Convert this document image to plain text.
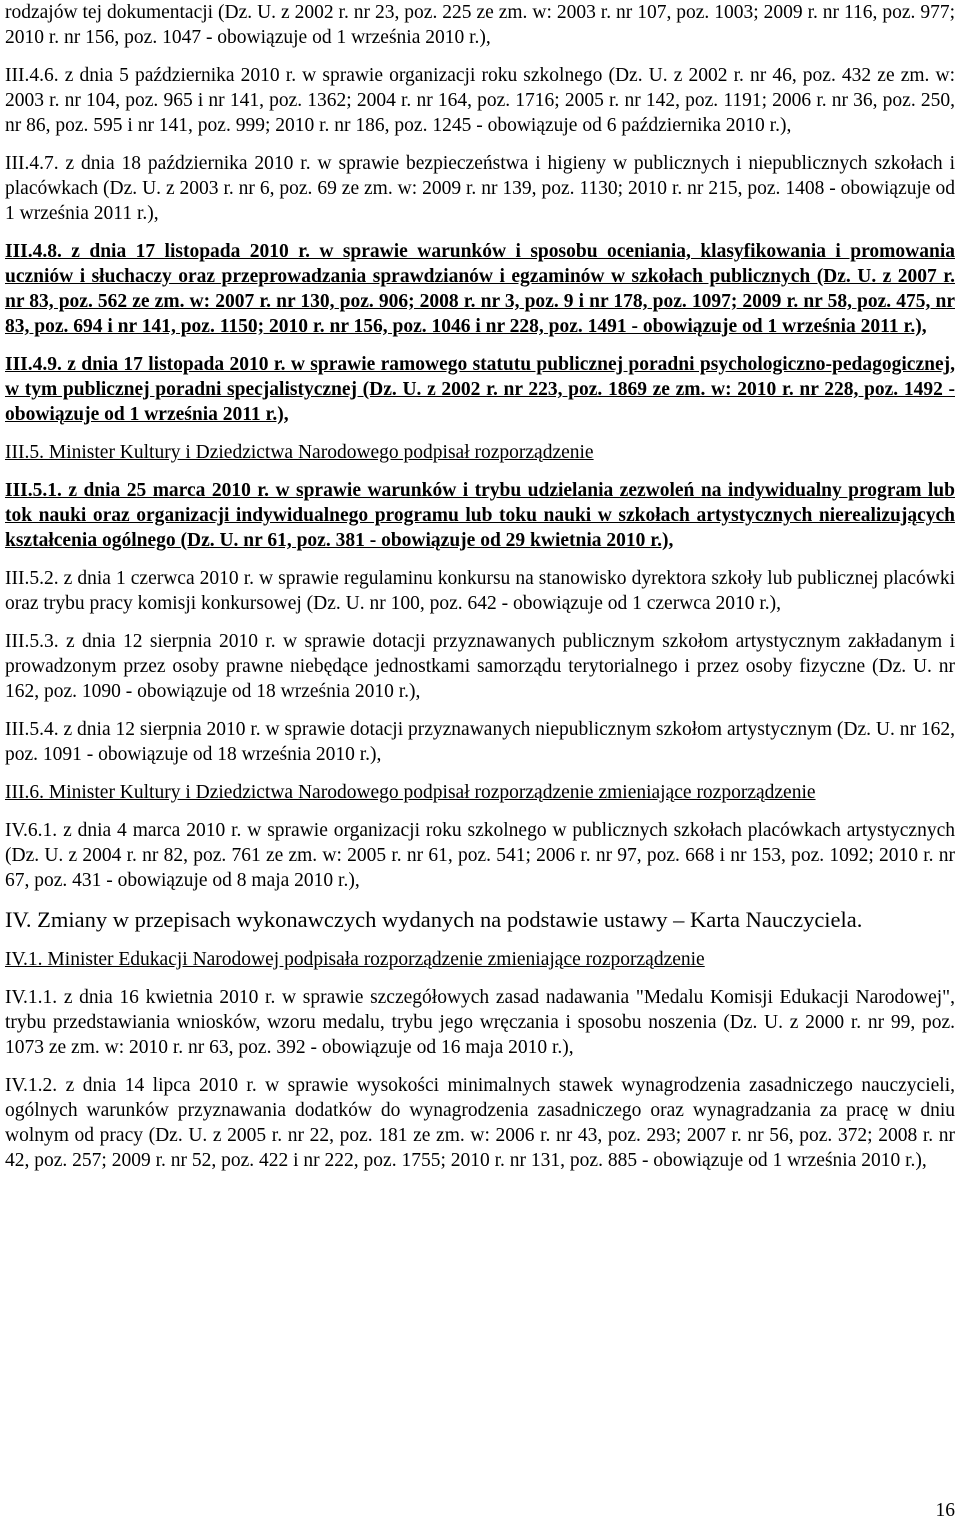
rodzajów tej dokumentacji (Dz. U. z 2002 r. nr 23, poz. 225 ze zm. w: 2003 r. nr 107, poz. 1003; 2009 r. nr 116, poz. 977; 2010 r. nr 156, poz. 1047 - obowiązuje od 1 września 2010 r.),

III.4.6. z dnia 5 października 2010 r. w sprawie organizacji roku szkolnego (Dz. U. z 2002 r. nr 46, poz. 432 ze zm. w: 2003 r. nr 104, poz. 965 i nr 141, poz. 1362; 2004 r. nr 164, poz. 1716; 2005 r. nr 142, poz. 1191; 2006 r. nr 36, poz. 250, nr 86, poz. 595 i nr 141, poz. 999; 2010 r. nr 186, poz. 1245 - obowiązuje od 6 października 2010 r.),

III.4.7. z dnia 18 października 2010 r. w sprawie bezpieczeństwa i higieny w publicznych i niepublicznych szkołach i placówkach (Dz. U. z 2003 r. nr 6, poz. 69 ze zm. w: 2009 r. nr 139, poz. 1130; 2010 r. nr 215, poz. 1408 - obowiązuje od 1 września 2011 r.),

III.4.8. z dnia 17 listopada 2010 r. w sprawie warunków i sposobu oceniania, klasyfikowania i promowania uczniów i słuchaczy oraz przeprowadzania sprawdzianów i egzaminów w szkołach publicznych (Dz. U. z 2007 r. nr 83, poz. 562 ze zm. w: 2007 r. nr 130, poz. 906; 2008 r. nr 3, poz. 9 i nr 178, poz. 1097; 2009 r. nr 58, poz. 475, nr 83, poz. 694 i nr 141, poz. 1150; 2010 r. nr 156, poz. 1046 i nr 228, poz. 1491 - obowiązuje od 1 września 2011 r.),

III.4.9. z dnia 17 listopada 2010 r. w sprawie ramowego statutu publicznej poradni psychologiczno-pedagogicznej, w tym publicznej poradni specjalistycznej (Dz. U. z 2002 r. nr 223, poz. 1869 ze zm. w: 2010 r. nr 228, poz. 1492 - obowiązuje od 1 września 2011 r.),

III.5. Minister Kultury i Dziedzictwa Narodowego podpisał rozporządzenie

III.5.1. z dnia 25 marca 2010 r. w sprawie warunków i trybu udzielania zezwoleń na indywidualny program lub tok nauki oraz organizacji indywidualnego programu lub toku nauki w szkołach artystycznych nierealizujących kształcenia ogólnego (Dz. U. nr 61, poz. 381 - obowiązuje od 29 kwietnia 2010 r.),

III.5.2. z dnia 1 czerwca 2010 r. w sprawie regulaminu konkursu na stanowisko dyrektora szkoły lub publicznej placówki oraz trybu pracy komisji konkursowej (Dz. U. nr 100, poz. 642 - obowiązuje od 1 czerwca 2010 r.),

III.5.3. z dnia 12 sierpnia 2010 r. w sprawie dotacji przyznawanych publicznym szkołom artystycznym zakładanym i prowadzonym przez osoby prawne niebędące jednostkami samorządu terytorialnego i przez osoby fizyczne (Dz. U. nr 162, poz. 1090 - obowiązuje od 18 września 2010 r.),

III.5.4. z dnia 12 sierpnia 2010 r. w sprawie dotacji przyznawanych niepublicznym szkołom artystycznym (Dz. U. nr 162, poz. 1091 - obowiązuje od 18 września 2010 r.),

III.6. Minister Kultury i Dziedzictwa Narodowego podpisał rozporządzenie zmieniające rozporządzenie

IV.6.1. z dnia 4 marca 2010 r. w sprawie organizacji roku szkolnego w publicznych szkołach placówkach artystycznych (Dz. U. z 2004 r. nr 82, poz. 761 ze zm. w: 2005 r. nr 61, poz. 541; 2006 r. nr 97, poz. 668 i nr 153, poz. 1092; 2010 r. nr 67, poz. 431 - obowiązuje od 8 maja 2010 r.),

IV. Zmiany w przepisach wykonawczych wydanych na podstawie ustawy – Karta Nauczyciela.

IV.1. Minister Edukacji Narodowej podpisała rozporządzenie zmieniające rozporządzenie

IV.1.1. z dnia 16 kwietnia 2010 r. w sprawie szczegółowych zasad nadawania "Medalu Komisji Edukacji Narodowej", trybu przedstawiania wniosków, wzoru medalu, trybu jego wręczania i sposobu noszenia (Dz. U. z 2000 r. nr 99, poz. 1073 ze zm. w: 2010 r. nr 63, poz. 392 - obowiązuje od 16 maja 2010 r.),

IV.1.2. z dnia 14 lipca 2010 r. w sprawie wysokości minimalnych stawek wynagrodzenia zasadniczego nauczycieli, ogólnych warunków przyznawania dodatków do wynagrodzenia zasadniczego oraz wynagradzania za pracę w dniu wolnym od pracy (Dz. U. z 2005 r. nr 22, poz. 181 ze zm. w: 2006 r. nr 43, poz. 293; 2007 r. nr 56, poz. 372; 2008 r. nr 42, poz. 257; 2009 r. nr 52, poz. 422 i nr 222, poz. 1755; 2010 r. nr 131, poz. 885 - obowiązuje od 1 września 2010 r.),

16
